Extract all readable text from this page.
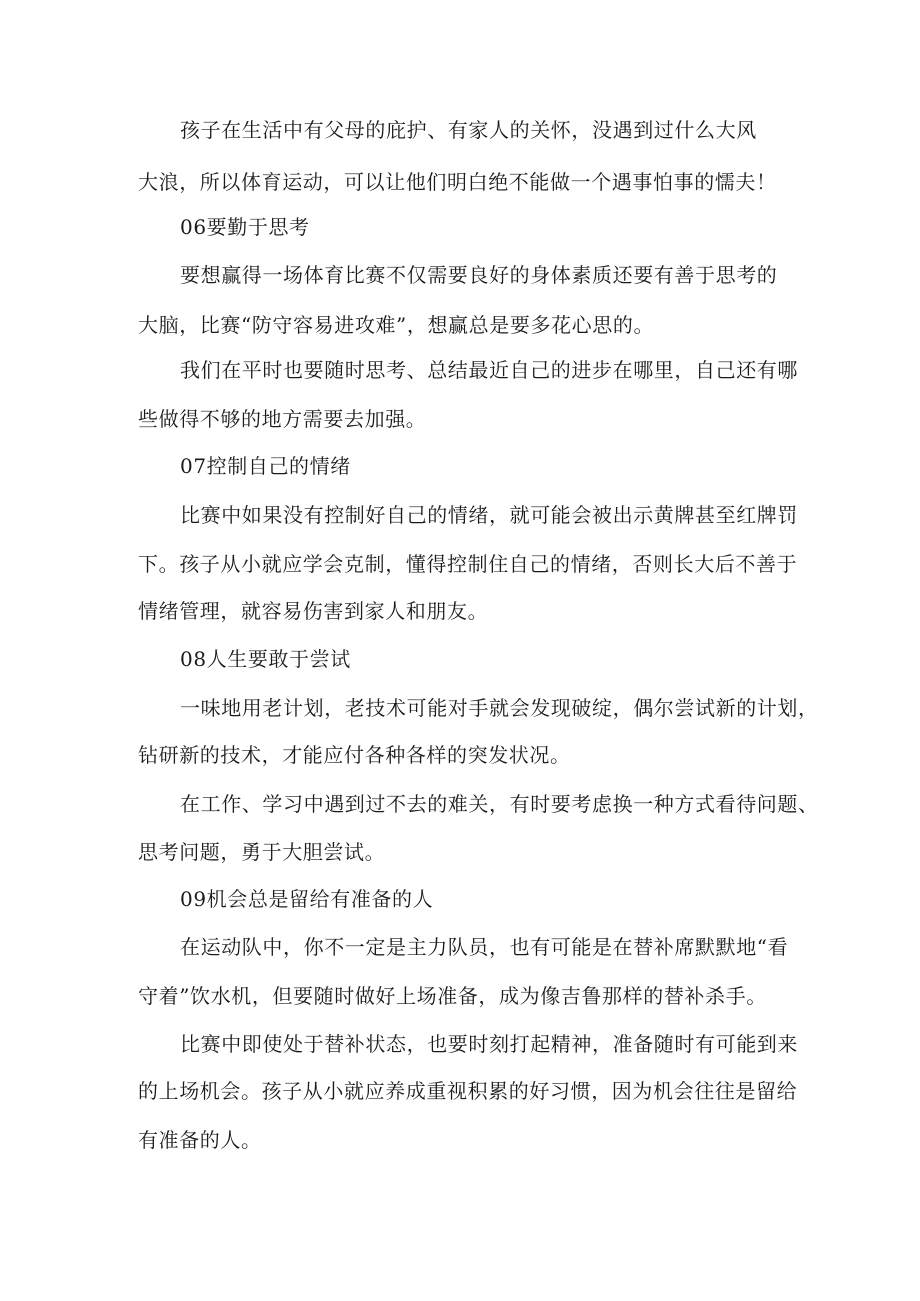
孩子在生活中有父母的庇护、有家人的关怀，没遇到过什么大风
大浪，所以体育运动，可以让他们明白绝不能做一个遇事怕事的懦夫！
06要勤于思考
要想赢得一场体育比赛不仅需要良好的身体素质还要有善于思考的
大脑，比赛“防守容易进攻难”，想赢总是要多花心思的。
我们在平时也要随时思考、总结最近自己的进步在哪里，自己还有哪
些做得不够的地方需要去加强。
07控制自己的情绪
比赛中如果没有控制好自己的情绪，就可能会被出示黄牌甚至红牌罚
下。孩子从小就应学会克制，懂得控制住自己的情绪，否则长大后不善于
情绪管理，就容易伤害到家人和朋友。
08人生要敢于尝试
一味地用老计划，老技术可能对手就会发现破绽，偶尔尝试新的计划，
钻研新的技术，才能应付各种各样的突发状况。
在工作、学习中遇到过不去的难关，有时要考虑换一种方式看待问题、
思考问题，勇于大胆尝试。
09机会总是留给有准备的人
在运动队中，你不一定是主力队员，也有可能是在替补席默默地“看
守着”饮水机，但要随时做好上场准备，成为像吉鲁那样的替补杀手。
比赛中即使处于替补状态，也要时刻打起精神，准备随时有可能到来
的上场机会。孩子从小就应养成重视积累的好习惯，因为机会往往是留给
有准备的人。
